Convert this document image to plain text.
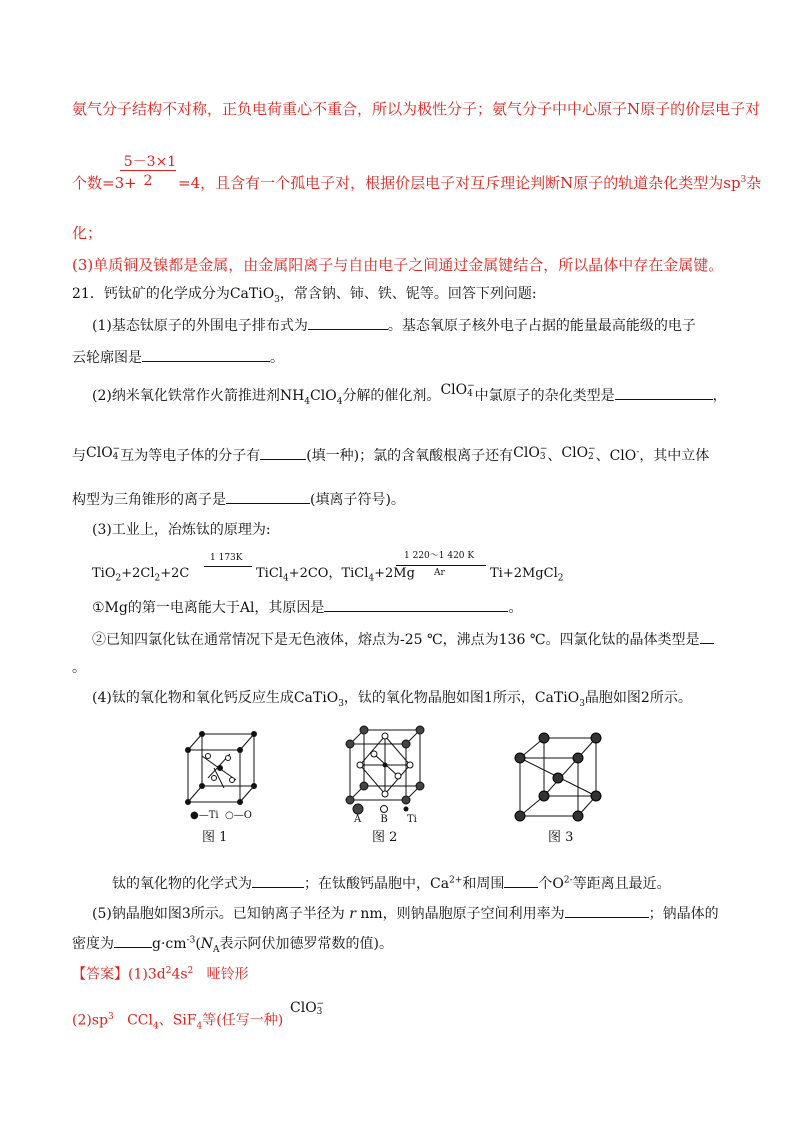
氨气分子结构不对称，正负电荷重心不重合，所以为极性分子；氨气分子中中心原子N原子的价层电子对
5－3×1
2
个数=3+	=4，且含有一个孤电子对，根据价层电子对互斥理论判断N原子的轨道杂化类型为$sp^3$杂
化；
(3)单质铜及镍都是金属，由金属阳离子与自由电子之间通过金属键结合，所以晶体中存在金属键。
21．钙钛矿的化学成分为CaTiO$_3$，常含钠、铈、铁、铌等。回答下列问题:
(1)基态钛原子的外围电子排布式为	。基态氧原子核外电子占据的能量最高能级的电子
云轮廓图是	。
(2)纳米氧化铁常作火箭推进剂$NH_4ClO_4$分解的催化剂。ClO−
4 中氯原子的杂化类型是	，
与ClO−
4 互为等电子体的分子有	(填一种)；氯的含氧酸根离子还有ClO−
3 、ClO−
2 、ClO-，其中立体
构型为三角锥形的离子是	(填离子符号)。
(3)工业上，冶炼钛的原理为:
$TiO_2+2Cl_2+2C$
1 173K
TiCl$_4$+2CO，TiCl$_4$+2Mg
1 220～1 420 K
Ar	Ti+2MgCl$_2$
①Mg的第一电离能大于Al，其原因是	。
②已知四氯化钛在通常情况下是无色液体，熔点为-25 ℃，沸点为136 ℃。四氯化钛的晶体类型是
。
(4)钛的氧化物和氧化钙反应生成CaTiO$_3$，钛的氧化物晶胞如图1所示，CaTiO$_3$晶胞如图2所示。
●—Ti  ○—O
图 1
A B Ti
图 2	图 3
钛的氧化物的化学式为	；在钛酸钙晶胞中，$Ca^{2+}$和周围 个$O^{2-}$等距离且最近。
(5)钠晶胞如图3所示。已知钠离子半径为 r nm，则钠晶胞原子空间利用率为	；钠晶体的
密度为	$g\cdot cm^{-3}(N_A$表示阿伏加德罗常数的值)。
【答案】$(1)3d^24s^2$ 哑铃形
$(2)sp^3$ CCl$_4$、SiF$_4$等(任写一种)
ClO−
3
